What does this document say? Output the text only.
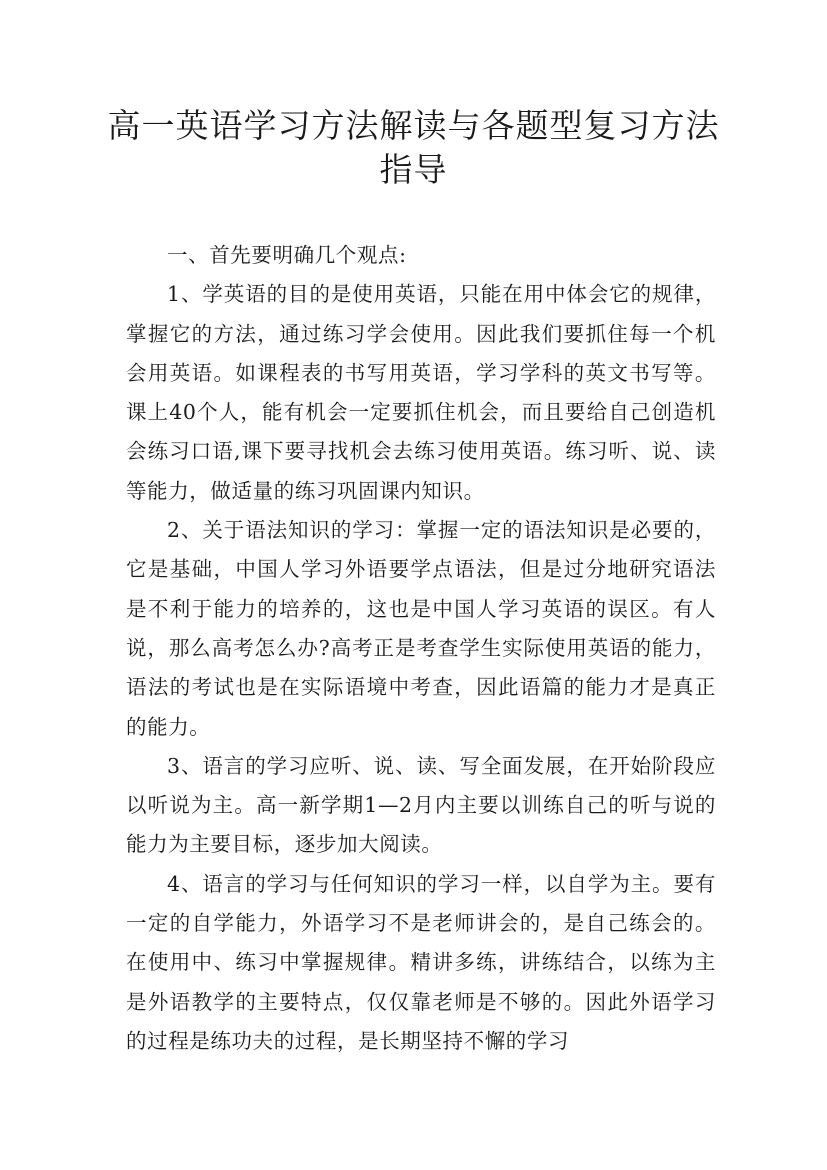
高一英语学习方法解读与各题型复习方法
指导

一、首先要明确几个观点:

1、学英语的目的是使用英语，只能在用中体会它的规律，掌握它的方法，通过练习学会使用。因此我们要抓住每一个机会用英语。如课程表的书写用英语，学习学科的英文书写等。课上40个人，能有机会一定要抓住机会，而且要给自己创造机会练习口语,课下要寻找机会去练习使用英语。练习听、说、读等能力，做适量的练习巩固课内知识。

2、关于语法知识的学习：掌握一定的语法知识是必要的，它是基础，中国人学习外语要学点语法，但是过分地研究语法是不利于能力的培养的，这也是中国人学习英语的误区。有人说，那么高考怎么办?高考正是考查学生实际使用英语的能力，语法的考试也是在实际语境中考查，因此语篇的能力才是真正的能力。

3、语言的学习应听、说、读、写全面发展，在开始阶段应以听说为主。高一新学期1—2月内主要以训练自己的听与说的能力为主要目标，逐步加大阅读。

4、语言的学习与任何知识的学习一样，以自学为主。要有一定的自学能力，外语学习不是老师讲会的，是自己练会的。在使用中、练习中掌握规律。精讲多练，讲练结合，以练为主是外语教学的主要特点，仅仅靠老师是不够的。因此外语学习的过程是练功夫的过程，是长期坚持不懈的学习
